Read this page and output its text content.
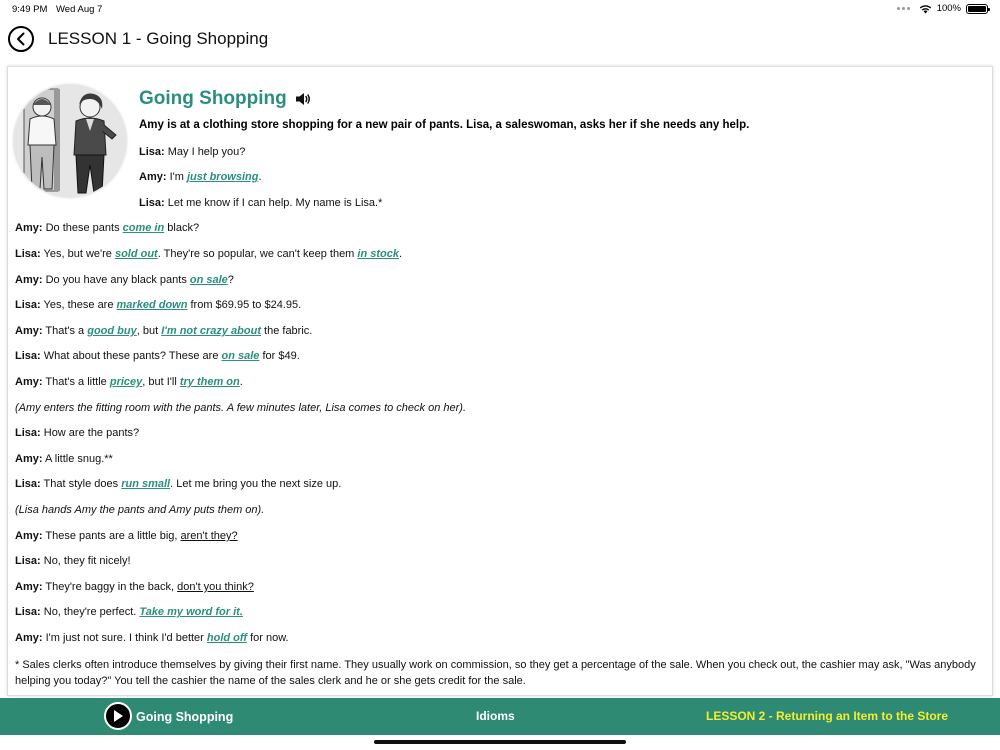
9:49 PM Wed Aug 7	100%
LESSON 1 - Going Shopping
Going Shopping
Amy is at a clothing store shopping for a new pair of pants. Lisa, a saleswoman, asks her if she needs any help.
Lisa: May I help you?
Amy: I'm just browsing.
Lisa: Let me know if I can help. My name is Lisa.*
Amy: Do these pants come in black?
Lisa: Yes, but we're sold out. They're so popular, we can't keep them in stock.
Amy: Do you have any black pants on sale?
Lisa: Yes, these are marked down from $69.95 to $24.95.
Amy: That's a good buy, but I'm not crazy about the fabric.
Lisa: What about these pants? These are on sale for $49.
Amy: That's a little pricey, but I'll try them on.
(Amy enters the fitting room with the pants. A few minutes later, Lisa comes to check on her).
Lisa: How are the pants?
Amy: A little snug.**
Lisa: That style does run small. Let me bring you the next size up.
(Lisa hands Amy the pants and Amy puts them on).
Amy: These pants are a little big, aren't they?
Lisa: No, they fit nicely!
Amy: They're baggy in the back, don't you think?
Lisa: No, they're perfect. Take my word for it.
Amy: I'm just not sure. I think I'd better hold off for now.
* Sales clerks often introduce themselves by giving their first name. They usually work on commission, so they get a percentage of the sale. When you check out, the cashier may ask, "Was anybody helping you today?" You tell the cashier the name of the sales clerk and he or she gets credit for the sale.
Going Shopping	Idioms	LESSON 2 - Returning an Item to the Store
